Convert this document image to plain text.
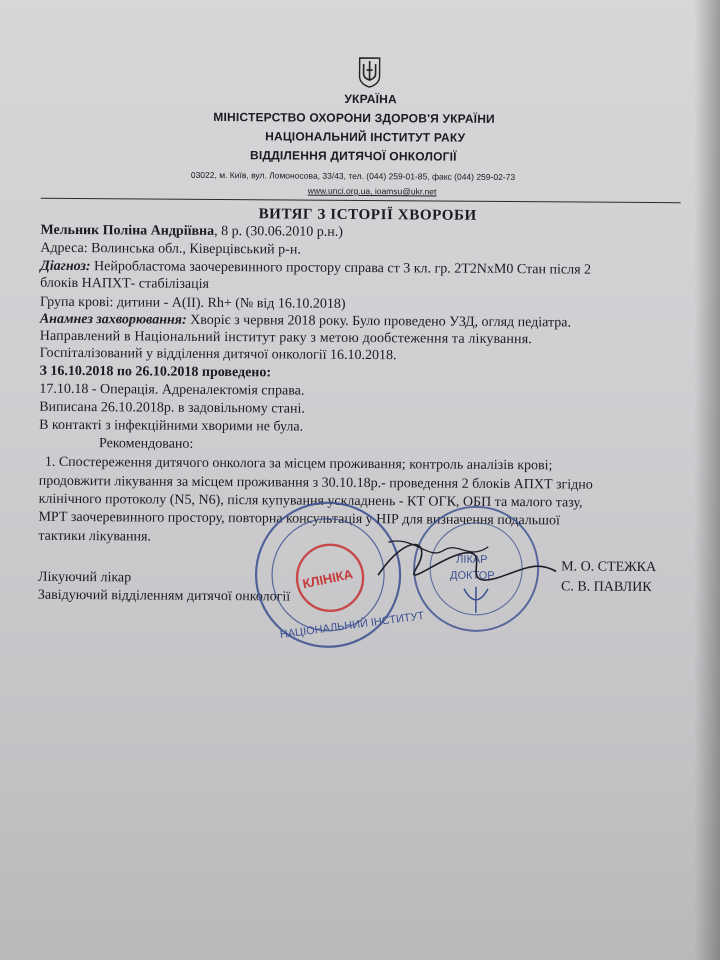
УКРАЇНА
МІНІСТЕРСТВО ОХОРОНИ ЗДОРОВ'Я УКРАЇНИ
НАЦІОНАЛЬНИЙ ІНСТИТУТ РАКУ
ВІДДІЛЕННЯ ДИТЯЧОЇ ОНКОЛОГІЇ
03022, м. Київ, вул. Ломоносова, 33/43, тел. (044) 259-01-85, факс (044) 259-02-73
www.unci.org.ua, ioamsu@ukr.net
ВИТЯГ З ІСТОРІЇ ХВОРОБИ
Мельник Поліна Андріївна, 8 р. (30.06.2010 р.н.)
Адреса: Волинська обл., Ківерцівський р-н.
Діагноз: Нейробластома заочеревинного простору справа ст 3 кл. гр. 2T2NxM0 Стан після 2
блоків НАПХТ- стабілізація
Група крові: дитини - А(ІІ). Rh+ (№ від 16.10.2018)
Анамнез захворювання: Хворіє з червня 2018 року. Було проведено УЗД, огляд педіатра.
Направлений в Національний інститут раку з метою дообстеження та лікування.
Госпіталізований у відділення дитячої онкології 16.10.2018.
З 16.10.2018 по 26.10.2018 проведено:
17.10.18 - Операція. Адреналектомія справа.
Виписана 26.10.2018р. в задовільному стані.
В контакті з інфекційними хворими не була.
Рекомендовано:
1. Спостереження дитячого онколога за місцем проживання; контроль аналізів крові;
продовжити лікування за місцем проживання з 30.10.18р.- проведення 2 блоків АПХТ згідно
клінічного протоколу (N5, N6), після купування ускладнень - КТ ОГК, ОБП та малого тазу,
МРТ заочеревинного простору, повторна консультація у НІР для визначення подальшої
тактики лікування.
Лікуючий лікар
Завідуючий відділенням дитячої онкології
М. О. СТЕЖКА
С. В. ПАВЛИК
НАЦІОНАЛЬНИЙ ІНСТИТУТ
КЛІНІКА
ЛІКАР
ДОКТОР
